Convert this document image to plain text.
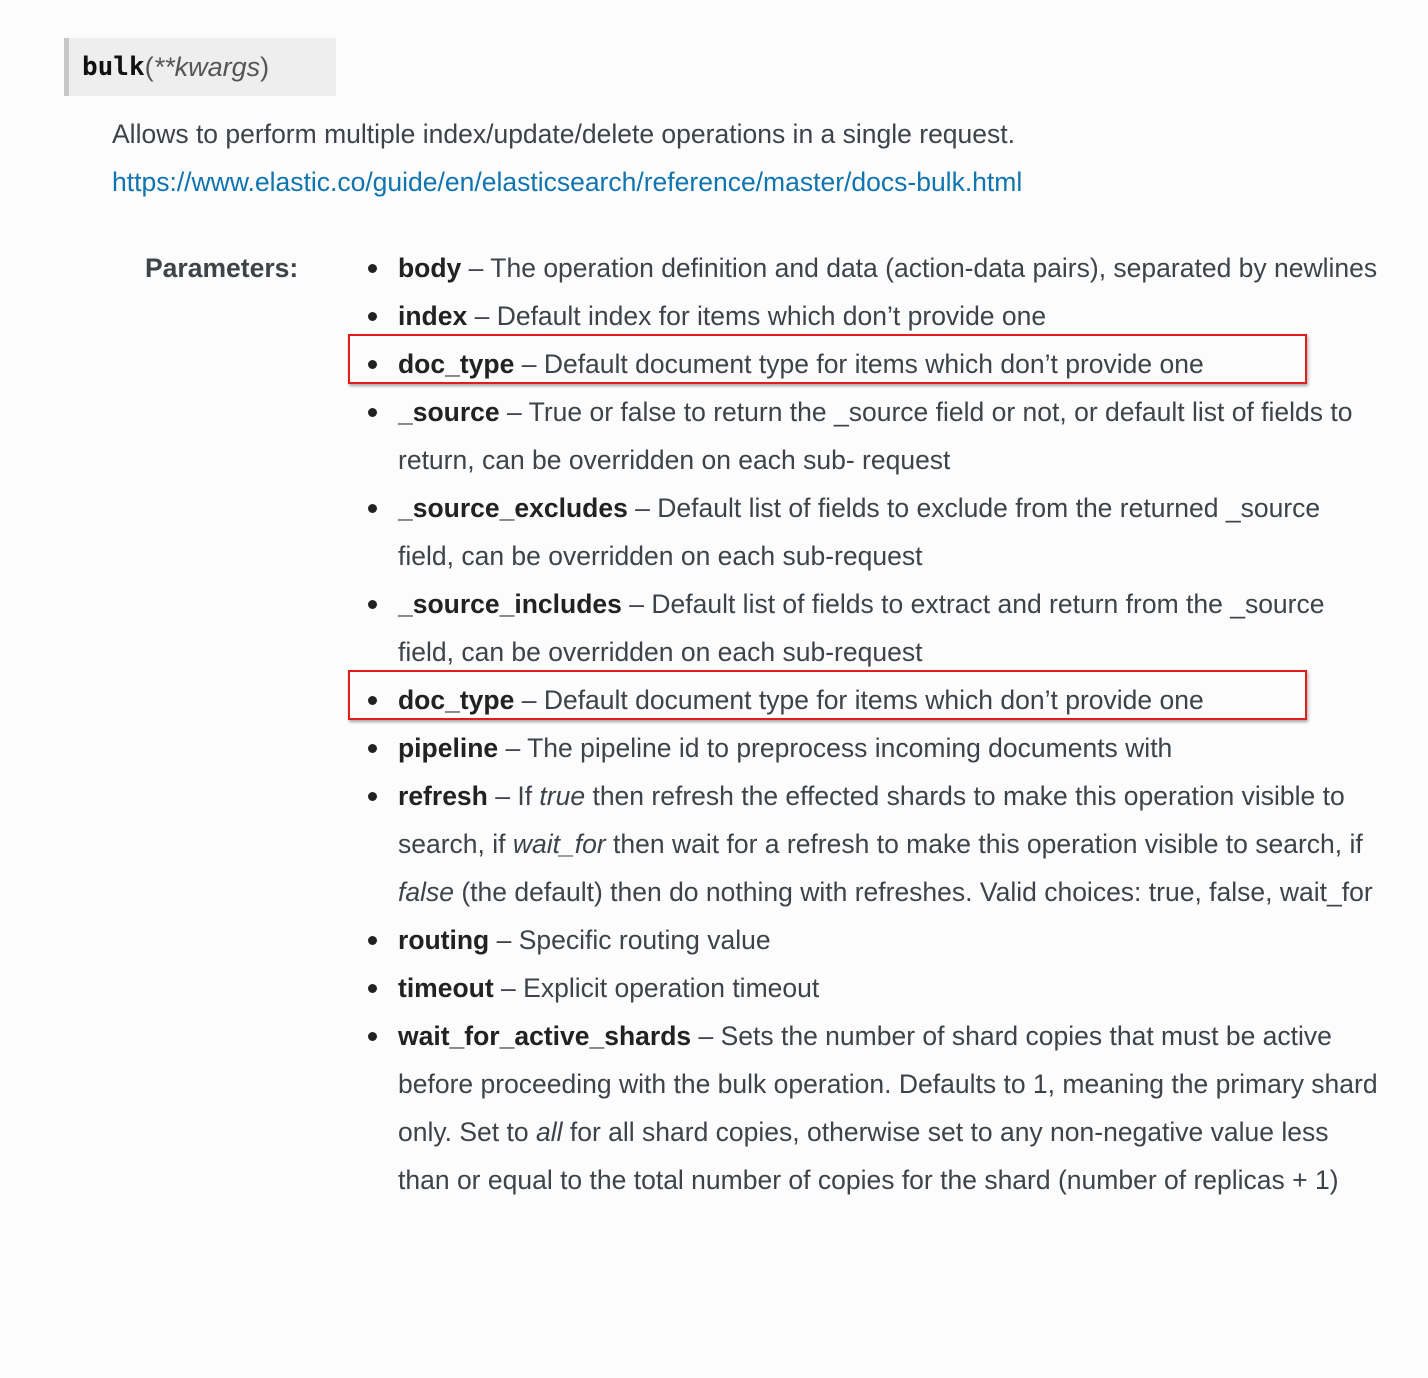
bulk ( **kwargs )
Allows to perform multiple index/update/delete operations in a single request.
https://www.elastic.co/guide/en/elasticsearch/reference/master/docs-bulk.html
Parameters:	body – The operation definition and data (action-data pairs), separated by newlines
index – Default index for items which don’t provide one
doc_type – Default document type for items which don’t provide one
_source – True or false to return the _source field or not, or default list of fields to return, can be overridden on each sub- request
_source_excludes – Default list of fields to exclude from the returned _source field, can be overridden on each sub-request
_source_includes – Default list of fields to extract and return from the _source field, can be overridden on each sub-request
doc_type – Default document type for items which don’t provide one
pipeline – The pipeline id to preprocess incoming documents with
refresh – If true then refresh the effected shards to make this operation visible to search, if wait_for then wait for a refresh to make this operation visible to search, if false (the default) then do nothing with refreshes. Valid choices: true, false, wait_for
routing – Specific routing value
timeout – Explicit operation timeout
wait_for_active_shards – Sets the number of shard copies that must be active before proceeding with the bulk operation. Defaults to 1, meaning the primary shard only. Set to all for all shard copies, otherwise set to any non-negative value less than or equal to the total number of copies for the shard (number of replicas + 1)
